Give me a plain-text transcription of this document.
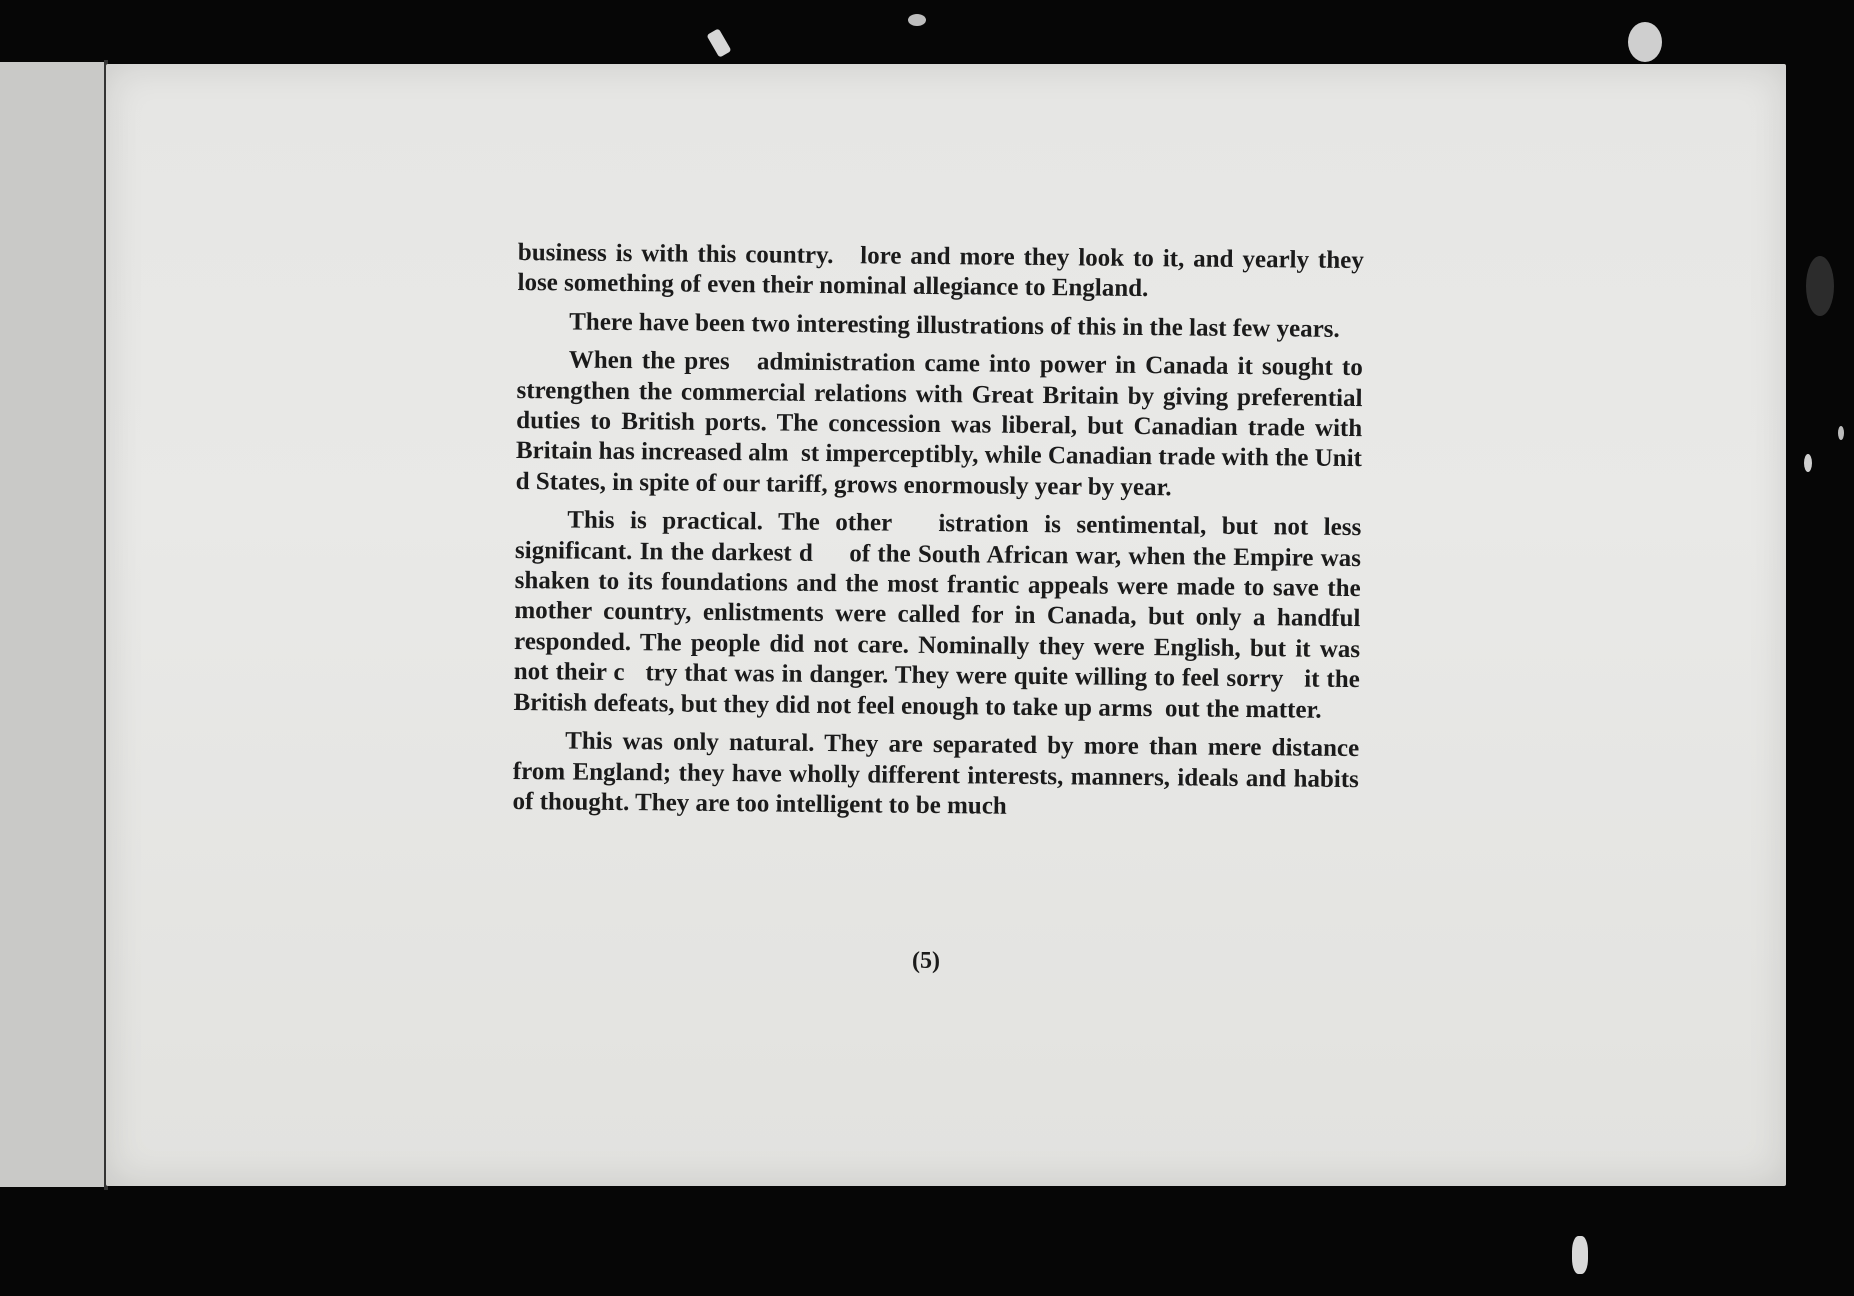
business is with this country.   lore and more they look to it, and yearly they lose something of even their nominal allegiance to England.

There have been two interesting illustrations of this in the last few years.

When the pres   administration came into power in Canada it sought to strengthen the commercial relations with Great Britain by giving preferential duties to British ports. The concession was liberal, but Canadian trade with Britain has increased alm  st imperceptibly, while Canadian trade with the Unit d States, in spite of our tariff, grows enormously year by year.

This is practical. The other   istration is sentimental, but not less significant. In the darkest d     of the South African war, when the Empire was shaken to its foundations and the most frantic appeals were made to save the mother country, enlistments were called for in Canada, but only a handful responded. The people did not care. Nominally they were English, but it was not their c   try that was in danger. They were quite willing to feel sorry   it the British defeats, but they did not feel enough to take up arms  out the matter.

This was only natural. They are separated by more than mere distance from England; they have wholly different interests, manners, ideals and habits of thought. They are too intelligent to be much

(5)
